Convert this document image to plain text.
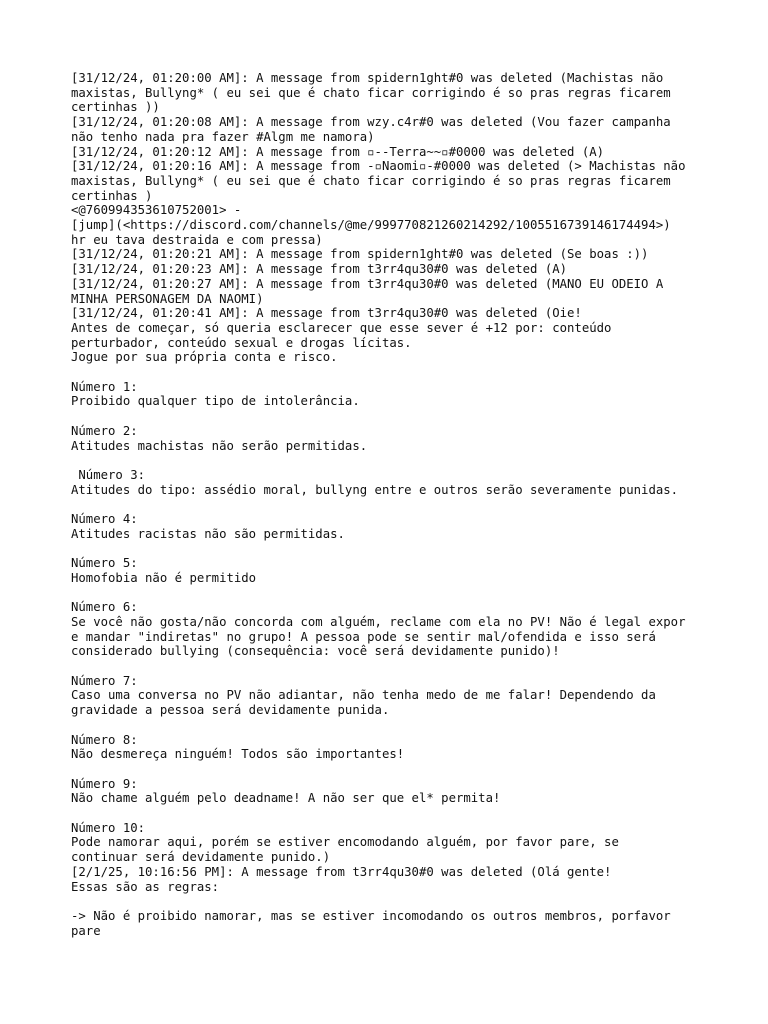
[31/12/24, 01:20:00 AM]: A message from spidern1ght#0 was deleted (Machistas não
maxistas, Bullyng* ( eu sei que é chato ficar corrigindo é so pras regras ficarem
certinhas ))
[31/12/24, 01:20:08 AM]: A message from wzy.c4r#0 was deleted (Vou fazer campanha
não tenho nada pra fazer #Algm me namora)
[31/12/24, 01:20:12 AM]: A message from ▫--Terra~~▫#0000 was deleted (A)
[31/12/24, 01:20:16 AM]: A message from -▫Naomi▫-#0000 was deleted (> Machistas não
maxistas, Bullyng* ( eu sei que é chato ficar corrigindo é so pras regras ficarem
certinhas )
<@760994353610752001> -
[jump](<https://discord.com/channels/@me/999770821260214292/1005516739146174494>)
hr eu tava destraida e com pressa)
[31/12/24, 01:20:21 AM]: A message from spidern1ght#0 was deleted (Se boas :))
[31/12/24, 01:20:23 AM]: A message from t3rr4qu30#0 was deleted (A)
[31/12/24, 01:20:27 AM]: A message from t3rr4qu30#0 was deleted (MANO EU ODEIO A
MINHA PERSONAGEM DA NAOMI)
[31/12/24, 01:20:41 AM]: A message from t3rr4qu30#0 was deleted (Oie!
Antes de começar, só queria esclarecer que esse sever é +12 por: conteúdo
perturbador, conteúdo sexual e drogas lícitas.
Jogue por sua própria conta e risco.
Número 1:
Proibido qualquer tipo de intolerância.
Número 2:
Atitudes machistas não serão permitidas.
Número 3:
Atitudes do tipo: assédio moral, bullyng entre e outros serão severamente punidas.
Número 4:
Atitudes racistas não são permitidas.
Número 5:
Homofobia não é permitido
Número 6:
Se você não gosta/não concorda com alguém, reclame com ela no PV! Não é legal expor
e mandar "indiretas" no grupo! A pessoa pode se sentir mal/ofendida e isso será
considerado bullying (consequência: você será devidamente punido)!
Número 7:
Caso uma conversa no PV não adiantar, não tenha medo de me falar! Dependendo da
gravidade a pessoa será devidamente punida.
Número 8:
Não desmereça ninguém! Todos são importantes!
Número 9:
Não chame alguém pelo deadname! A não ser que el* permita!
Número 10:
Pode namorar aqui, porém se estiver encomodando alguém, por favor pare, se
continuar será devidamente punido.)
[2/1/25, 10:16:56 PM]: A message from t3rr4qu30#0 was deleted (Olá gente!
Essas são as regras:
-> Não é proibido namorar, mas se estiver incomodando os outros membros, porfavor
pare
